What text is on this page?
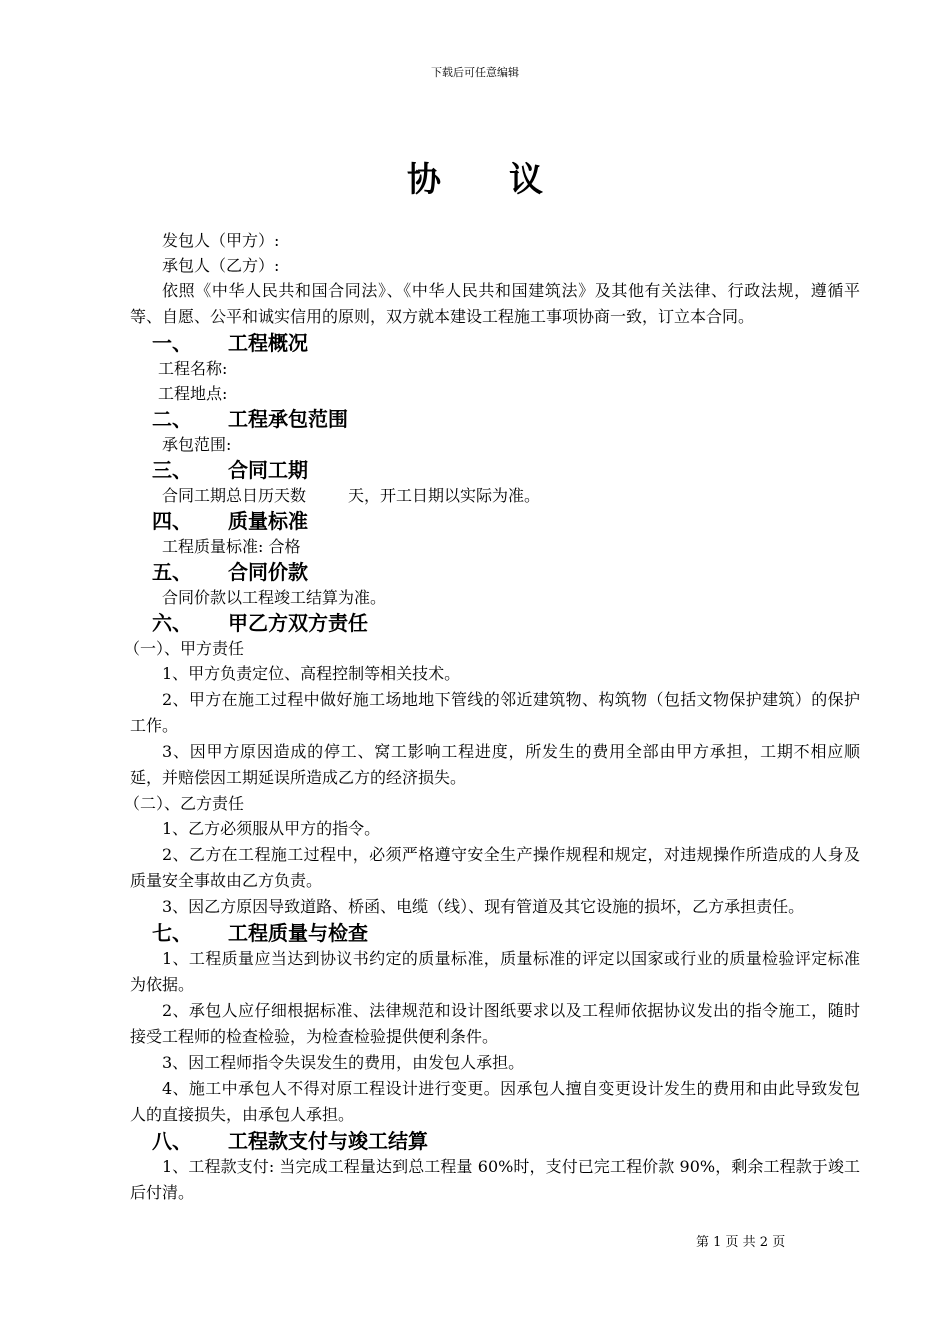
下载后可任意编辑
协议
发包人（甲方）:
承包人（乙方）:
依照《中华人民共和国合同法》、《中华人民共和国建筑法》及其他有关法律、行政法规，遵循平等、自愿、公平和诚实信用的原则，双方就本建设工程施工事项协商一致，订立本合同。
一、 工程概况
工程名称:
工程地点:
二、 工程承包范围
承包范围:
三、 合同工期
合同工期总日历天数	天，开工日期以实际为准。
四、 质量标准
工程质量标准: 合格
五、 合同价款
合同价款以工程竣工结算为准。
六、 甲乙方双方责任
（一）、甲方责任
1、甲方负责定位、高程控制等相关技术。
2、甲方在施工过程中做好施工场地地下管线的邻近建筑物、构筑物（包括文物保护建筑）的保护工作。
3、因甲方原因造成的停工、窝工影响工程进度，所发生的费用全部由甲方承担，工期不相应顺延，并赔偿因工期延误所造成乙方的经济损失。
（二）、乙方责任
1、乙方必须服从甲方的指令。
2、乙方在工程施工过程中，必须严格遵守安全生产操作规程和规定，对违规操作所造成的人身及质量安全事故由乙方负责。
3、因乙方原因导致道路、桥函、电缆（线）、现有管道及其它设施的损坏，乙方承担责任。
七、 工程质量与检查
1、工程质量应当达到协议书约定的质量标准，质量标准的评定以国家或行业的质量检验评定标准为依据。
2、承包人应仔细根据标准、法律规范和设计图纸要求以及工程师依据协议发出的指令施工，随时接受工程师的检查检验，为检查检验提供便利条件。
3、因工程师指令失误发生的费用，由发包人承担。
4、施工中承包人不得对原工程设计进行变更。因承包人擅自变更设计发生的费用和由此导致发包人的直接损失，由承包人承担。
八、 工程款支付与竣工结算
1、工程款支付: 当完成工程量达到总工程量 60%时，支付已完工程价款 90%，剩余工程款于竣工后付清。
第 1 页 共 2 页
